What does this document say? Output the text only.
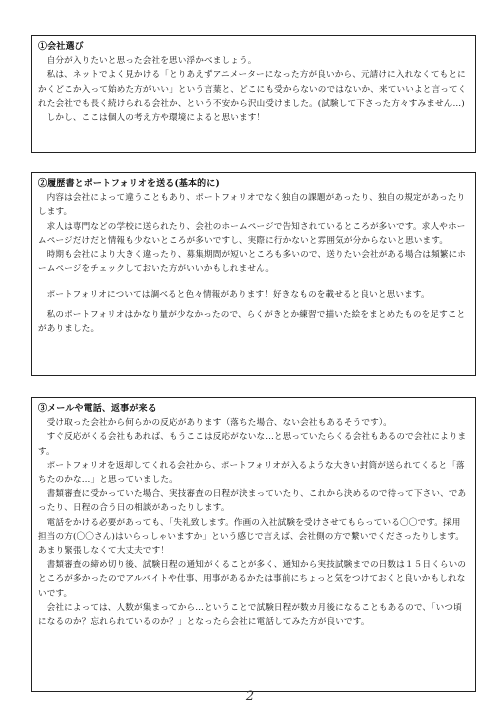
①会社選び

自分が入りたいと思った会社を思い浮かべましょう。

私は、ネットでよく見かける「とりあえずアニメーターになった方が良いから、元請けに入れなくてもとにかくどこか入って始めた方がいい」という言葉と、どこにも受からないのではないか、来ていいよと言ってくれた会社でも長く続けられる会社か、という不安から沢山受けました。(試験して下さった方々すみません…)

しかし、ここは個人の考え方や環境によると思います！

②履歴書とポートフォリオを送る(基本的に)

内容は会社によって違うこともあり、ポートフォリオでなく独自の課題があったり、独自の規定があったりします。

求人は専門などの学校に送られたり、会社のホームページで告知されているところが多いです。求人やホームページだけだと情報も少ないところが多いですし、実際に行かないと雰囲気が分からないと思います。

時期も会社により大きく違ったり、募集期間が短いところも多いので、送りたい会社がある場合は頻繁にホームページをチェックしておいた方がいいかもしれません。

ポートフォリオについては調べると色々情報があります！好きなものを載せると良いと思います。

私のポートフォリオはかなり量が少なかったので、らくがきとか練習で描いた絵をまとめたものを足すことがありました。

③メールや電話、返事が来る

受け取った会社から何らかの反応があります（落ちた場合、ない会社もあるそうです）。

すぐ反応がくる会社もあれば、もうここは反応がないな…と思っていたらくる会社もあるので会社によります。

ポートフォリオを返却してくれる会社から、ポートフォリオが入るような大きい封筒が送られてくると「落ちたのかな…」と思っていました。

書類審査に受かっていた場合、実技審査の日程が決まっていたり、これから決めるので待って下さい、であったり、日程の合う日の相談があったりします。

電話をかける必要があっても、「失礼致します。作画の入社試験を受けさせてもらっている〇〇です。採用担当の方(〇〇さん)はいらっしゃいますか」という感じで言えば、会社側の方で繋いでくださったりします。あまり緊張しなくて大丈夫です！

書類審査の締め切り後、試験日程の通知がくることが多く、通知から実技試験までの日数は１５日くらいのところが多かったのでアルバイトや仕事、用事があるかたは事前にちょっと気をつけておくと良いかもしれないです。

会社によっては、人数が集まってから…ということで試験日程が数カ月後になることもあるので、「いつ頃になるのか？忘れられているのか？」となったら会社に電話してみた方が良いです。

2
